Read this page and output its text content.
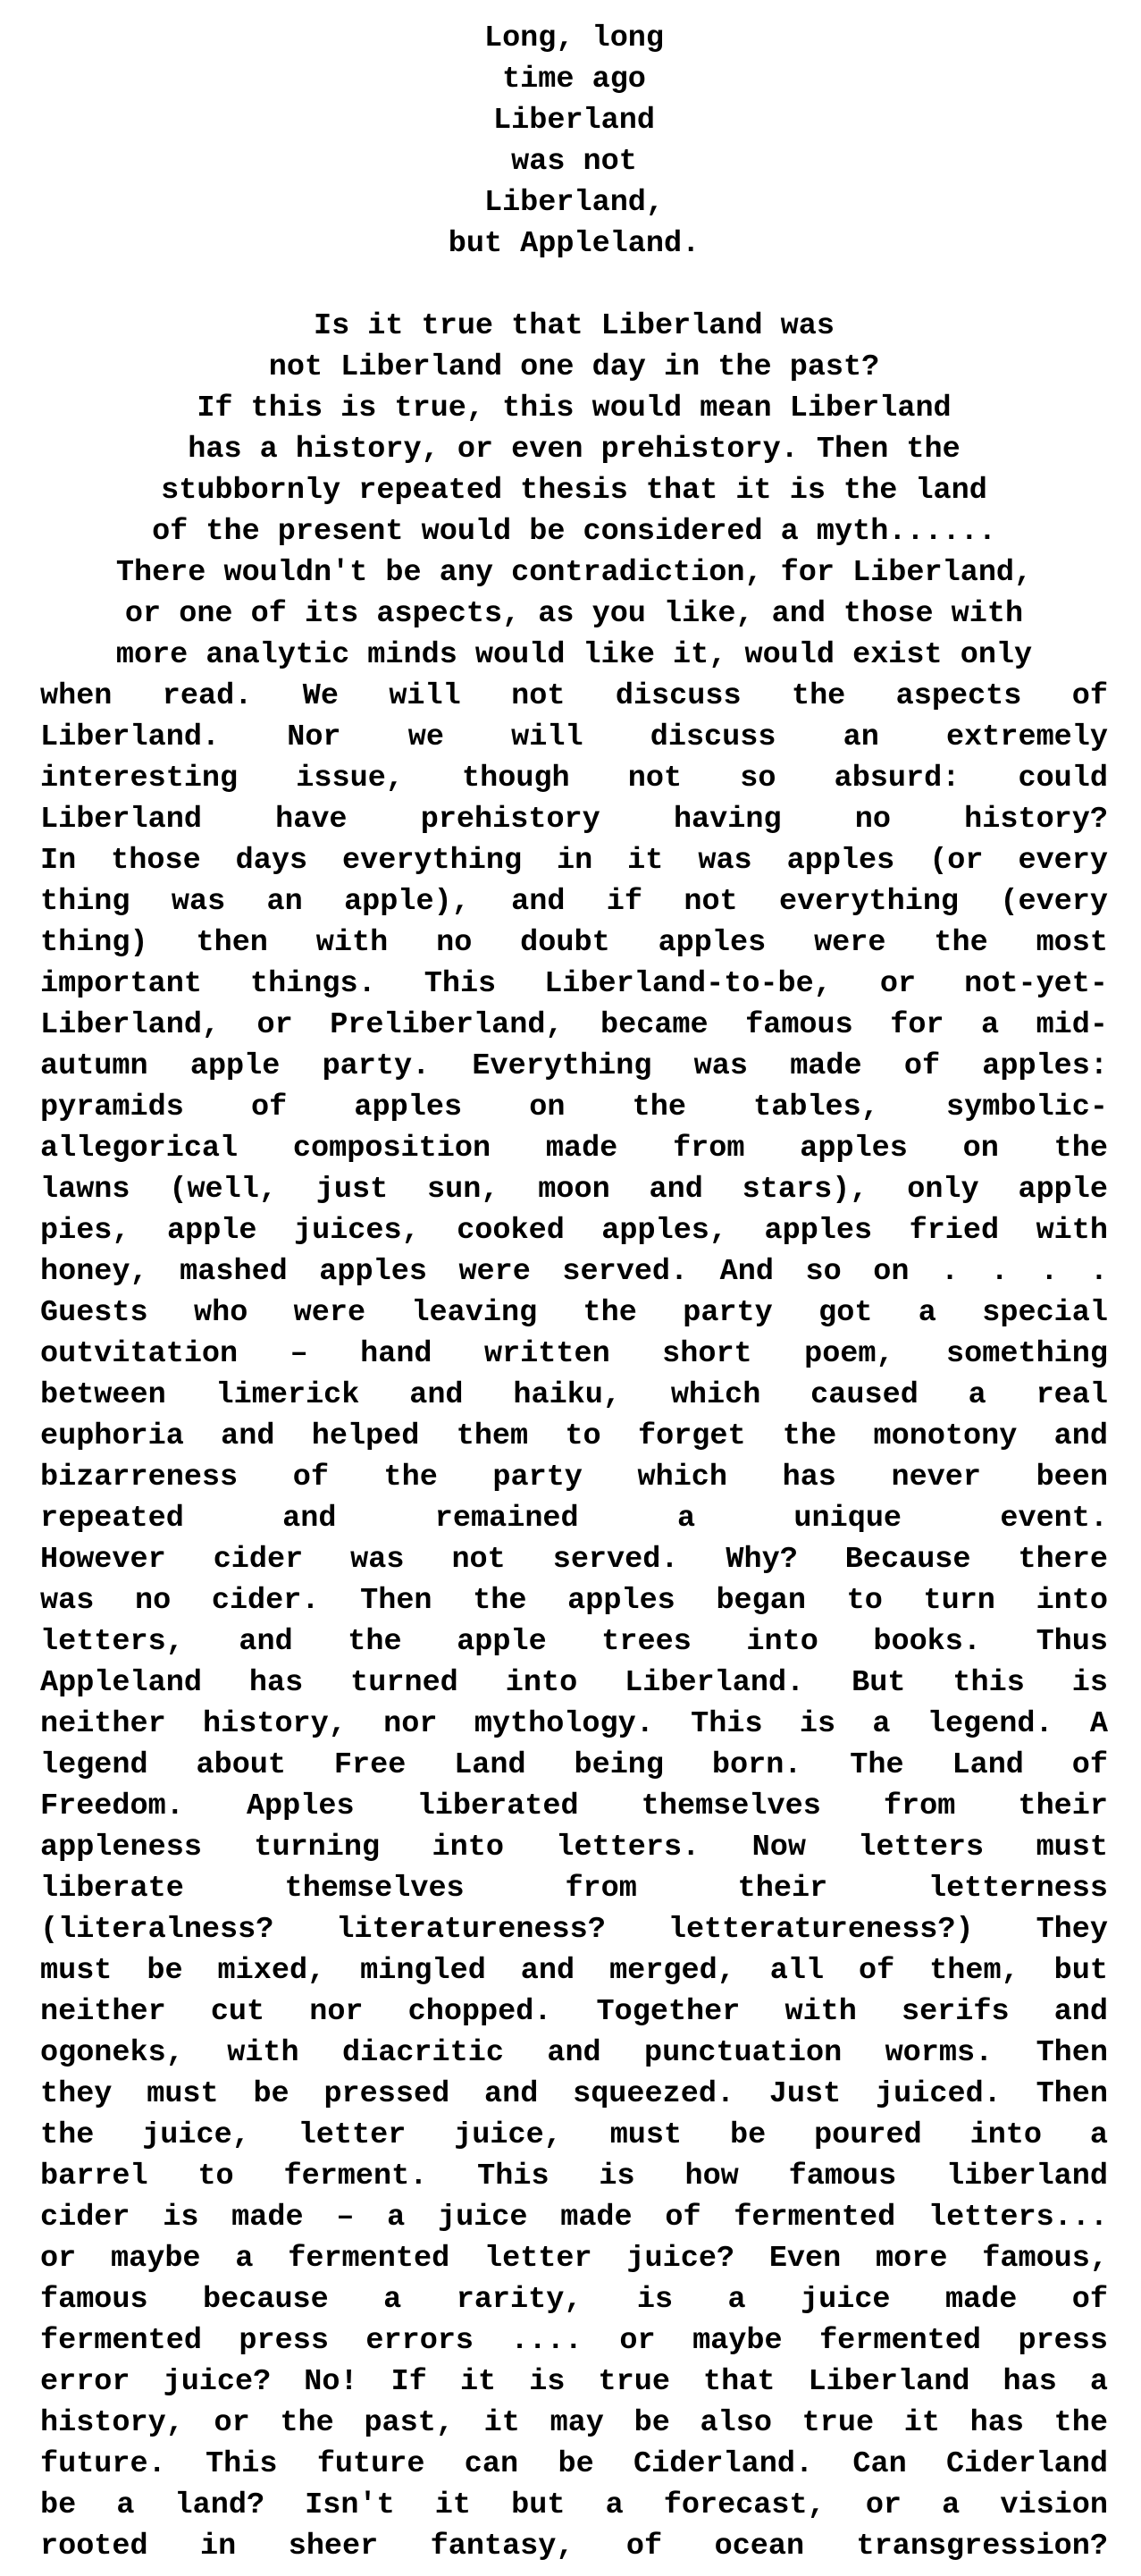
Long, long
time ago
Liberland
was not
Liberland,
but Appleland.
Is it true that Liberland was
not Liberland one day in the past?
If this is true, this would mean Liberland
has a history, or even prehistory. Then the
stubbornly repeated thesis that it is the land
of the present would be considered a myth......
There wouldn't be any contradiction, for Liberland,
or one of its aspects, as you like, and those with
more analytic minds would like it, would exist only
when read. We will not discuss the aspects of
Liberland. Nor we will discuss an extremely
interesting issue, though not so absurd: could
Liberland have prehistory having no history?
In those days everything in it was apples (or every
thing was an apple), and if not everything (every
thing) then with no doubt apples were the most
important things. This Liberland-to-be, or not-yet-
Liberland, or Preliberland, became famous for a mid-
autumn apple party. Everything was made of apples:
pyramids of apples on the tables, symbolic-
allegorical composition made from apples on the
lawns (well, just sun, moon and stars), only apple
pies, apple juices, cooked apples, apples fried with
honey, mashed apples were served. And so on . . . .
Guests who were leaving the party got a special
outvitation – hand written short poem, something
between limerick and haiku, which caused a real
euphoria and helped them to forget the monotony and
bizarreness of the party which has never been
repeated and remained a unique event.
However cider was not served. Why? Because there
was no cider. Then the apples began to turn into
letters, and the apple trees into books. Thus
Appleland has turned into Liberland. But this is
neither history, nor mythology. This is a legend. A
legend about Free Land being born. The Land of
Freedom. Apples liberated themselves from their
appleness turning into letters. Now letters must
liberate themselves from their letterness
(literalness? literatureness? letteratureness?) They
must be mixed, mingled and merged, all of them, but
neither cut nor chopped. Together with serifs and
ogoneks, with diacritic and punctuation worms. Then
they must be pressed and squeezed. Just juiced. Then
the juice, letter juice, must be poured into a
barrel to ferment. This is how famous liberland
cider is made – a juice made of fermented letters...
or maybe a fermented letter juice? Even more famous,
famous because a rarity, is a juice made of
fermented press errors .... or maybe fermented press
error juice? No! If it is true that Liberland has a
history, or the past, it may be also true it has the
future. This future can be Ciderland. Can Ciderland
be a land? Isn't it but a forecast, or a vision
rooted in sheer fantasy, of ocean transgression?
